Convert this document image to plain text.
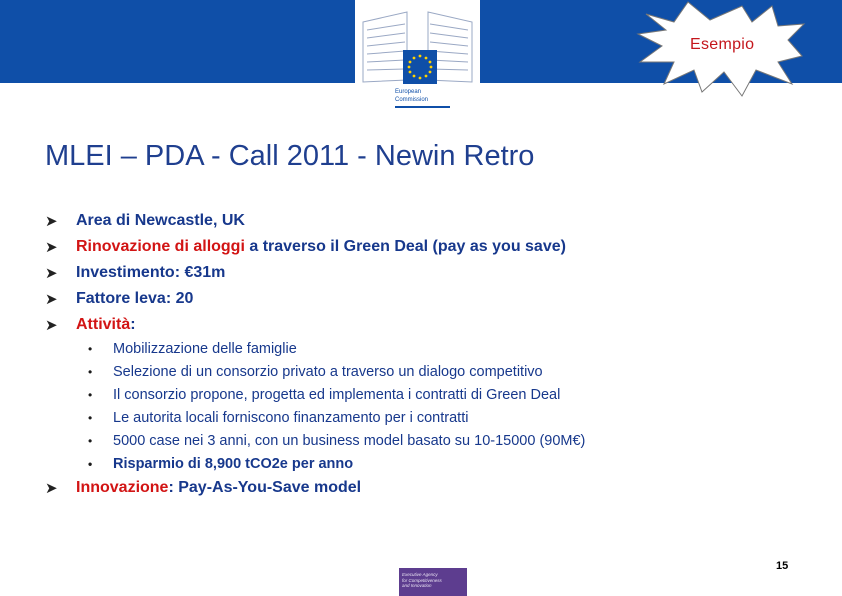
European
Commission
Esempio
MLEI – PDA - Call 2011 - Newin Retro
➤	Area di Newcastle, UK
➤	Rinovazione di alloggi a traverso il Green Deal (pay as you save)
➤	Investimento: €31m
➤	Fattore leva: 20
➤	Attività :
•	Mobilizzazione delle famiglie
•	Selezione di un consorzio privato a traverso un dialogo competitivo
•	Il consorzio propone, progetta ed implementa i contratti di Green Deal
•	Le autorita locali forniscono finanzamento per i contratti
•	5000 case nei 3 anni, con un business model basato su 10-15000 (90M€)
•	Risparmio di 8,900 tCO2e per anno
➤	Innovazione : Pay-As-You-Save model
Executive Agency
for Competitiveness
and Innovation
15
